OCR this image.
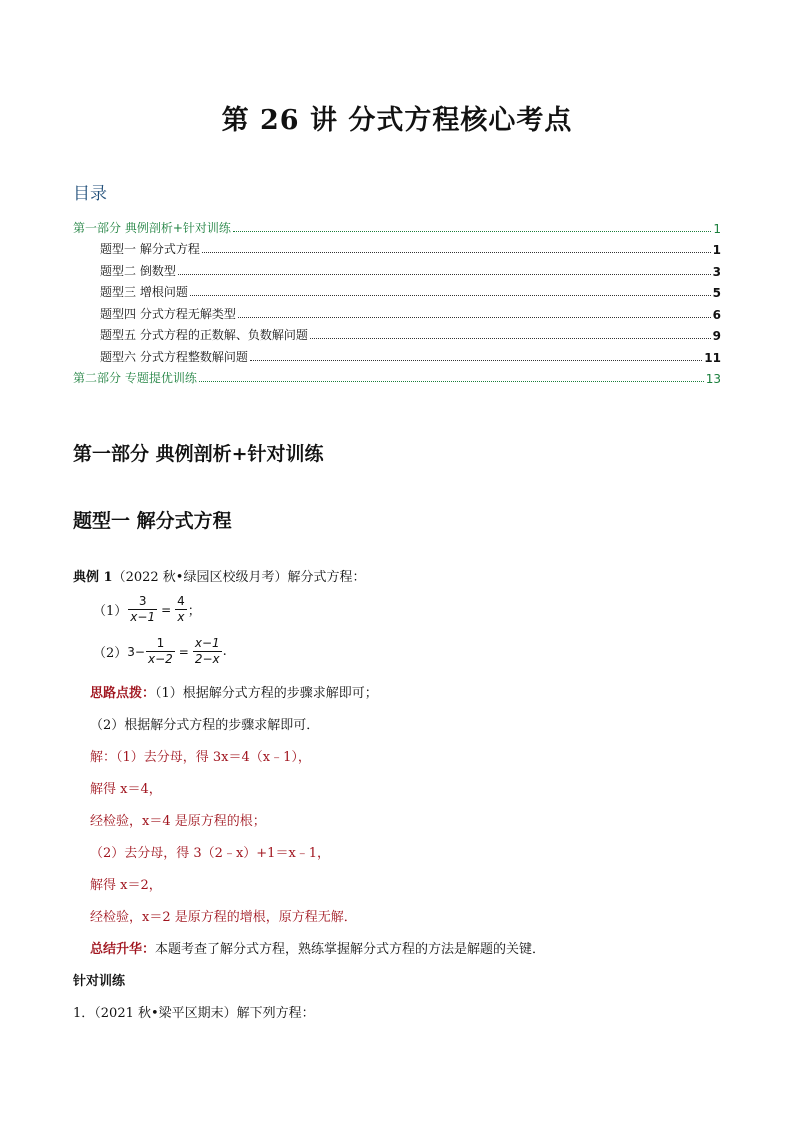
第 26 讲 分式方程核心考点
目录
第一部分 典例剖析+针对训练	1
题型一 解分式方程	1
题型二 倒数型	3
题型三 增根问题	5
题型四 分式方程无解类型	6
题型五 分式方程的正数解、负数解问题	9
题型六 分式方程整数解问题	11
第二部分 专题提优训练	13
第一部分 典例剖析+针对训练
题型一 解分式方程
典例 1（2022 秋•绿园区校级月考）解分式方程：
$(1) \frac{3}{x-1} = \frac{4}{x}$ ；
（2） $3- \frac{1}{x-2} = \frac{x-1}{2-x}$ .
思路点拨：（1）根据解分式方程的步骤求解即可；
（2）根据解分式方程的步骤求解即可．
解：（1）去分母，得 3x＝4（x﹣1），
解得 x＝4，
经检验，x＝4 是原方程的根；
（2）去分母，得 3（2﹣x）+1＝x﹣1，
解得 x＝2，
经检验，x＝2 是原方程的增根，原方程无解．
总结升华：本题考查了解分式方程，熟练掌握解分式方程的方法是解题的关键．
针对训练
1．（2021 秋•梁平区期末）解下列方程：
